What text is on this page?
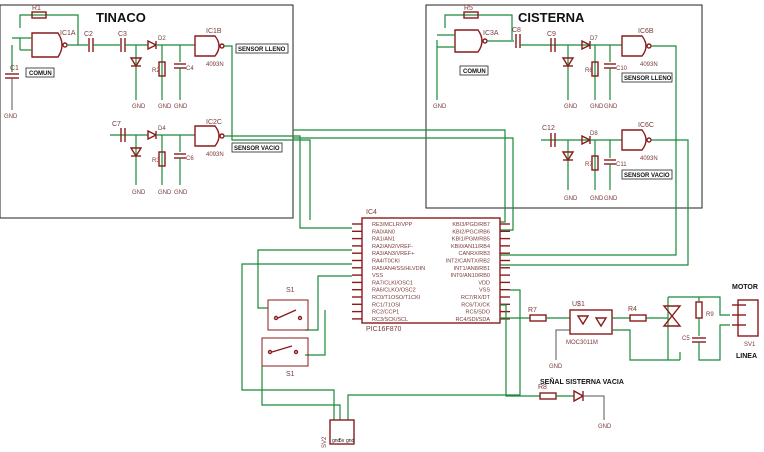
TINACO	CISTERNA
R1
IC1A
C1
GND
COMUN
C2	C3
GND
D2
R2	C4
GND GND
IC1B
4093N
SENSOR LLENO
C7
GND
D4
R3	C6
GND GND
IC2C
4093N
SENSOR VACIO
R5
IC3A
GND
COMUN
C8
C9
GND
D7
R6	C10
GND GND
IC6B
4093N
SENSOR LLENO
C12
GND
D8
R7	C11
GND GND
IC6C
4093N
SENSOR VACIO
IC4
PIC16F870
RE3/MCLR/VPP
RA0/AN0
RA1/AN1
RA2/AN2/VREF-
RA3/AN3/VREF+
RA4/T0CKI
RA5/AN4/SS/HLVDIN
VSS
RA7/CLKI/OSC1
RA6/CLKO/OSC2
RC0/T1OSO/T1CKI
RC1/T1OSI
RC2/CCP1
RC3/SCK/SCL
KBI3/PGD/RB7
KBI2/PGC/RB6
KBI1/PGM/RB5
KBI0/AN11/RB4
CANRX/RB3
INT2/CANTX/RB2
INT1/AN8/RB1
INT0/AN10/RB0
VDD
VSS
RC7/RX/DT
RC6/TX/CK
RC5/SDO
RC4/SDI/SDA
S1
S1
SV2 gnd
5v gnd
R7
U$1
MOC3011M
GND
R4
R9
C5
MOTOR
SV1
LINEA
R8
GND
SEÑAL SISTERNA VACIA
